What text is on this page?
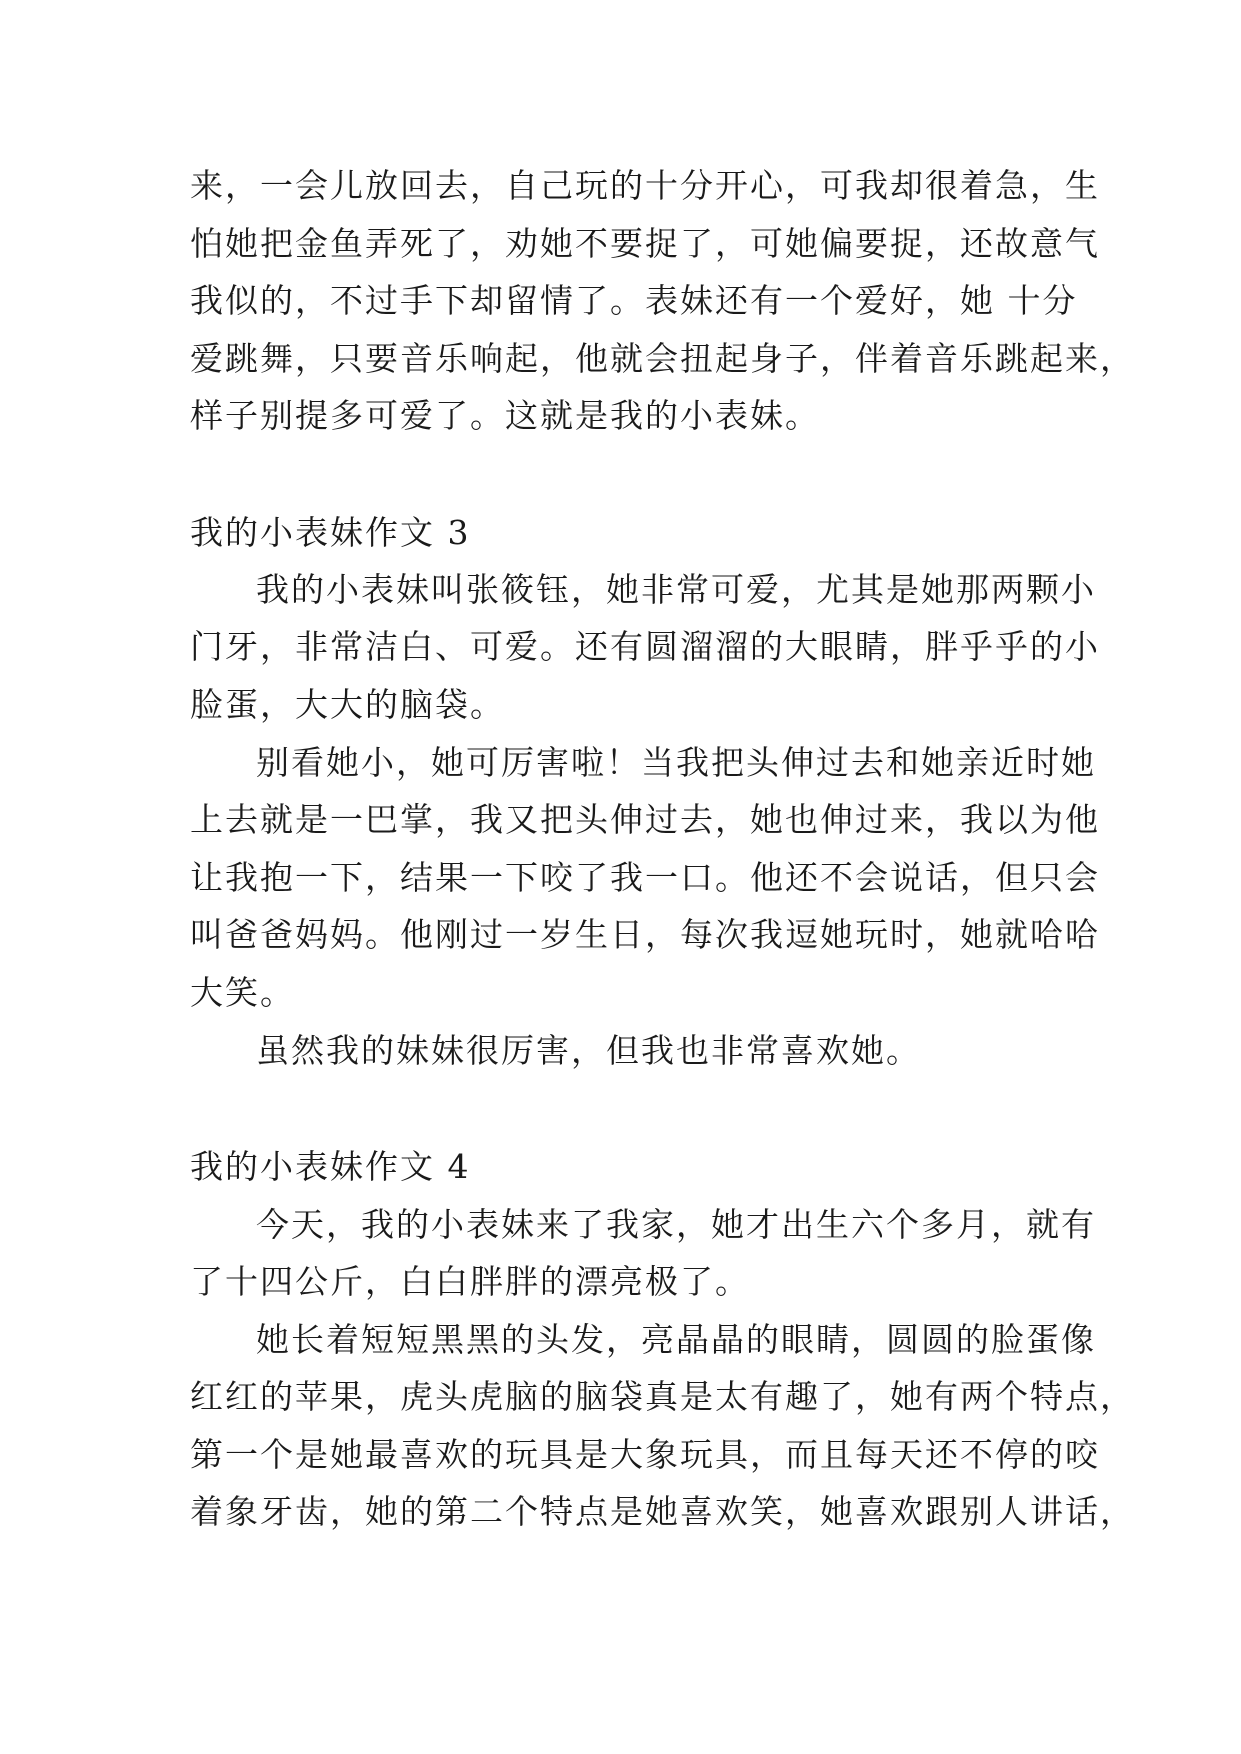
来，一会儿放回去，自己玩的十分开心，可我却很着急，生
怕她把金鱼弄死了，劝她不要捉了，可她偏要捉，还故意气
我似的，不过手下却留情了。表妹还有一个爱好，她 十分
爱跳舞，只要音乐响起，他就会扭起身子，伴着音乐跳起来，
样子别提多可爱了。这就是我的小表妹。
我的小表妹作文 3
我的小表妹叫张筱钰，她非常可爱，尤其是她那两颗小
门牙，非常洁白、可爱。还有圆溜溜的大眼睛，胖乎乎的小
脸蛋，大大的脑袋。
别看她小，她可厉害啦！当我把头伸过去和她亲近时她
上去就是一巴掌，我又把头伸过去，她也伸过来，我以为他
让我抱一下，结果一下咬了我一口。他还不会说话，但只会
叫爸爸妈妈。他刚过一岁生日，每次我逗她玩时，她就哈哈
大笑。
虽然我的妹妹很厉害，但我也非常喜欢她。
我的小表妹作文 4
今天，我的小表妹来了我家，她才出生六个多月，就有
了十四公斤，白白胖胖的漂亮极了。
她长着短短黑黑的头发，亮晶晶的眼睛，圆圆的脸蛋像
红红的苹果，虎头虎脑的脑袋真是太有趣了，她有两个特点，
第一个是她最喜欢的玩具是大象玩具，而且每天还不停的咬
着象牙齿，她的第二个特点是她喜欢笑，她喜欢跟别人讲话，
